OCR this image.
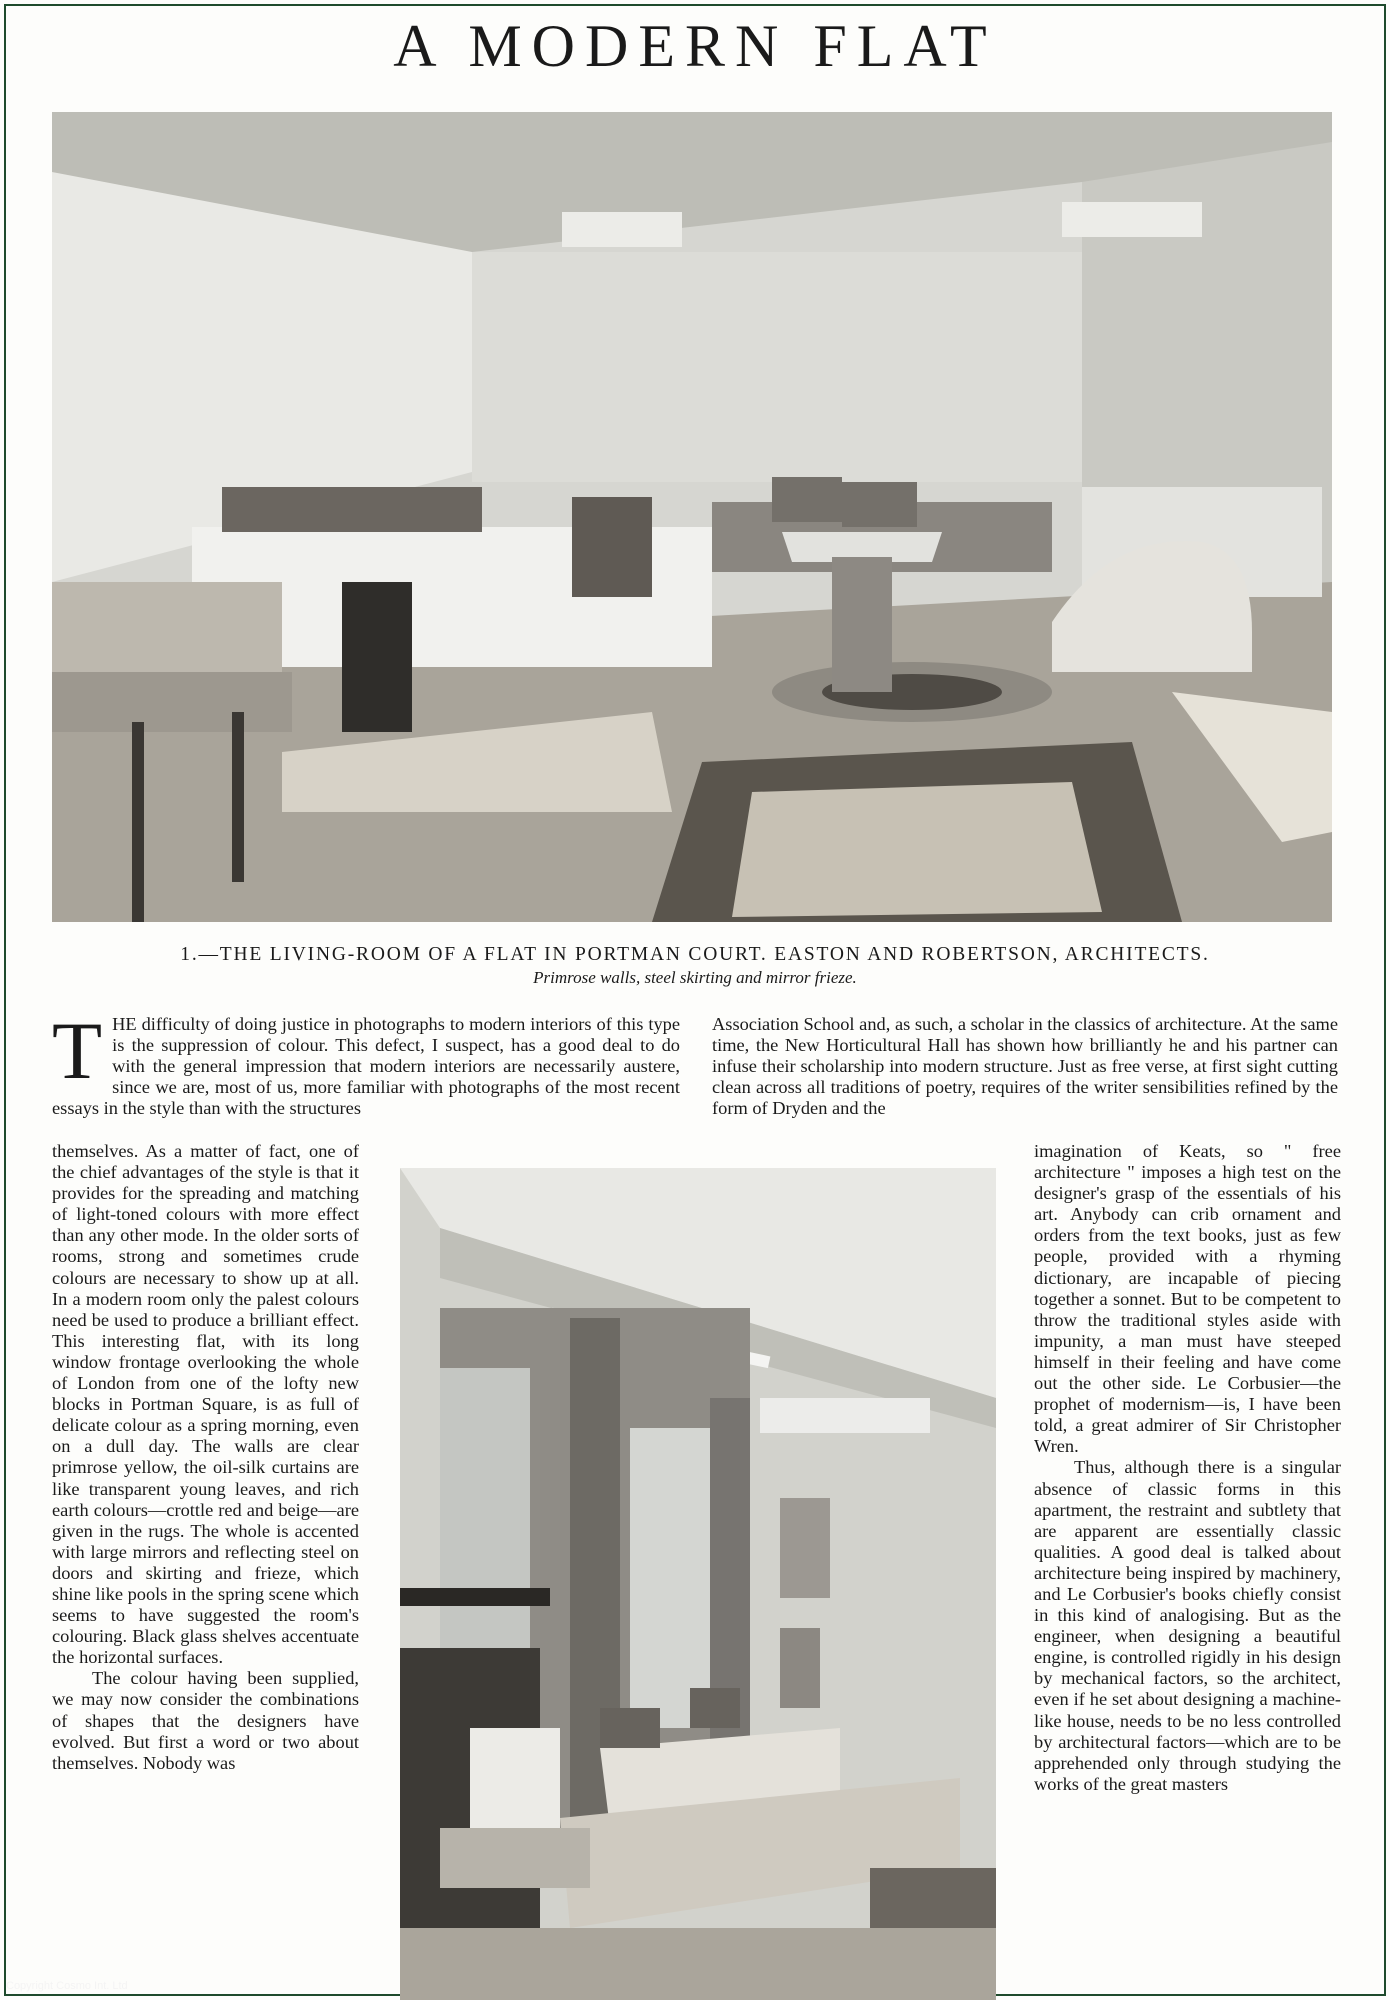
A MODERN FLAT

1.—THE LIVING-ROOM OF A FLAT IN PORTMAN COURT. EASTON AND ROBERTSON, ARCHITECTS.

Primrose walls, steel skirting and mirror frieze.

T HE difficulty of doing justice in photographs to modern interiors of this type is the suppression of colour. This defect, I suspect, has a good deal to do with the general impression that modern interiors are necessarily austere, since we are, most of us, more familiar with photographs of the most recent essays in the style than with the structures

themselves. As a matter of fact, one of the chief advantages of the style is that it provides for the spreading and matching of light-toned colours with more effect than any other mode. In the older sorts of rooms, strong and sometimes crude colours are necessary to show up at all. In a modern room only the palest colours need be used to produce a brilliant effect. This interesting flat, with its long window frontage overlooking the whole of London from one of the lofty new blocks in Portman Square, is as full of delicate colour as a spring morning, even on a dull day. The walls are clear primrose yellow, the oil-silk curtains are like transparent young leaves, and rich earth colours—crottle red and beige—are given in the rugs. The whole is accented with large mirrors and reflecting steel on doors and skirting and frieze, which shine like pools in the spring scene which seems to have suggested the room's colouring. Black glass shelves accentuate the horizontal surfaces.

The colour having been supplied, we may now consider the combinations of shapes that the designers have evolved. But first a word or two about themselves. Nobody was

Association School and, as such, a scholar in the classics of architecture. At the same time, the New Horticultural Hall has shown how brilliantly he and his partner can infuse their scholarship into modern structure. Just as free verse, at first sight cutting clean across all traditions of poetry, requires of the writer sensibilities refined by the form of Dryden and the

imagination of Keats, so " free architecture " imposes a high test on the designer's grasp of the essentials of his art. Anybody can crib ornament and orders from the text books, just as few people, provided with a rhyming dictionary, are incapable of piecing together a sonnet. But to be competent to throw the traditional styles aside with impunity, a man must have steeped himself in their feeling and have come out the other side. Le Corbusier—the prophet of modernism—is, I have been told, a great admirer of Sir Christopher Wren.

Thus, although there is a singular absence of classic forms in this apartment, the restraint and subtlety that are apparent are essentially classic qualities. A good deal is talked about architecture being inspired by machinery, and Le Corbusier's books chiefly consist in this kind of analogising. But as the engineer, when designing a beautiful engine, is controlled rigidly in his design by mechanical factors, so the architect, even if he set about designing a machine-like house, needs to be no less controlled by architectural factors—which are to be apprehended only through studying the works of the great masters

Copyright Cosmo Int. Ltd
